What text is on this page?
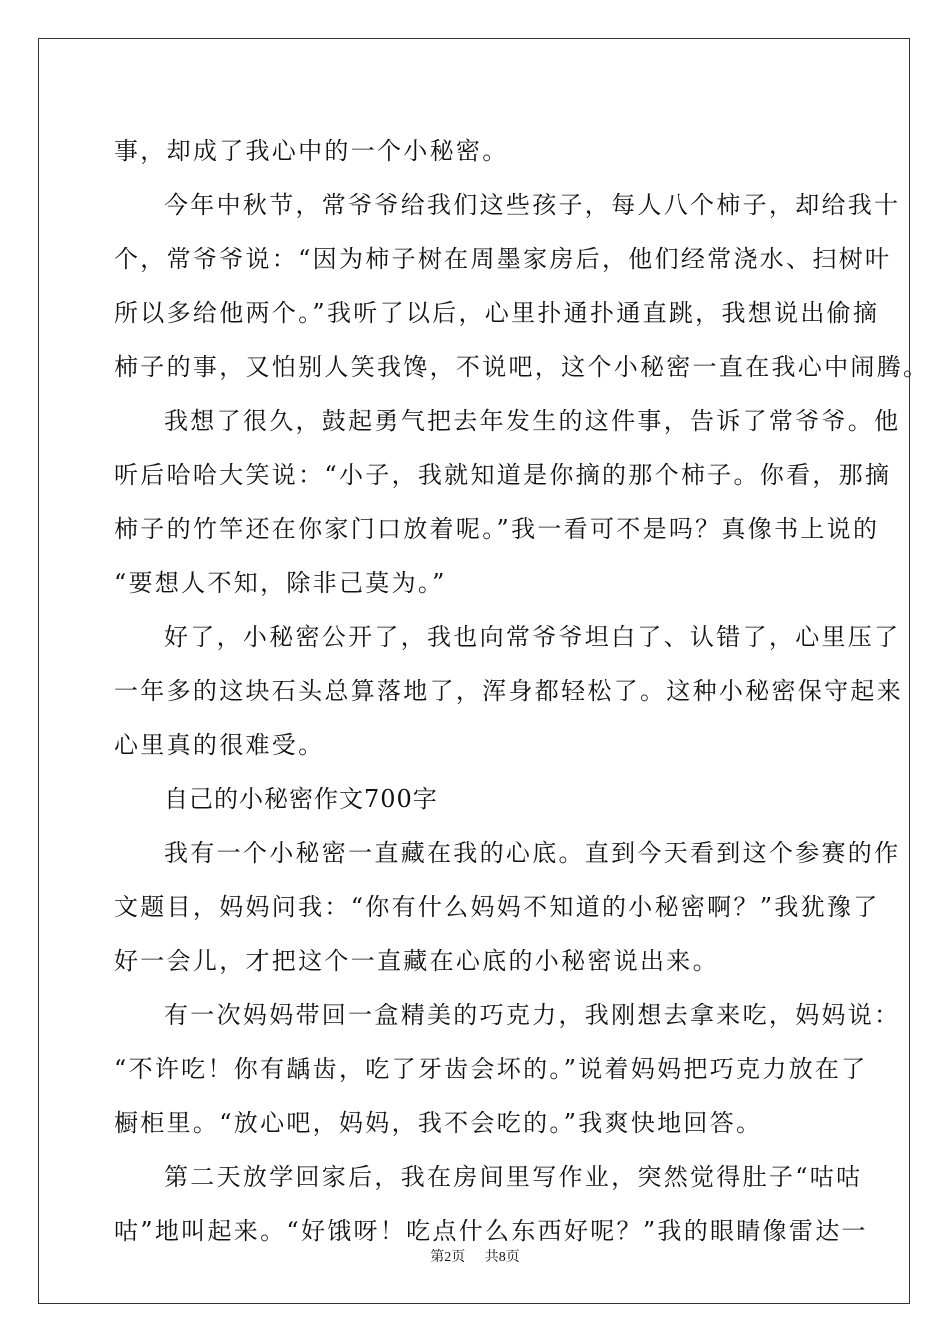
事，却成了我心中的一个小秘密。
今年中秋节，常爷爷给我们这些孩子，每人八个柿子，却给我十
个，常爷爷说：“因为柿子树在周墨家房后，他们经常浇水、扫树叶
所以多给他两个。”我听了以后，心里扑通扑通直跳，我想说出偷摘
柿子的事，又怕别人笑我馋，不说吧，这个小秘密一直在我心中闹腾。
我想了很久，鼓起勇气把去年发生的这件事，告诉了常爷爷。他
听后哈哈大笑说：“小子，我就知道是你摘的那个柿子。你看，那摘
柿子的竹竿还在你家门口放着呢。”我一看可不是吗？真像书上说的
“要想人不知，除非己莫为。”
好了，小秘密公开了，我也向常爷爷坦白了、认错了，心里压了
一年多的这块石头总算落地了，浑身都轻松了。这种小秘密保守起来
心里真的很难受。
自己的小秘密作文700字
我有一个小秘密一直藏在我的心底。直到今天看到这个参赛的作
文题目，妈妈问我：“你有什么妈妈不知道的小秘密啊？”我犹豫了
好一会儿，才把这个一直藏在心底的小秘密说出来。
有一次妈妈带回一盒精美的巧克力，我刚想去拿来吃，妈妈说：
“不许吃！你有龋齿，吃了牙齿会坏的。”说着妈妈把巧克力放在了
橱柜里。“放心吧，妈妈，我不会吃的。”我爽快地回答。
第二天放学回家后，我在房间里写作业，突然觉得肚子“咕咕
咕”地叫起来。“好饿呀！吃点什么东西好呢？”我的眼睛像雷达一
第2页 共8页
